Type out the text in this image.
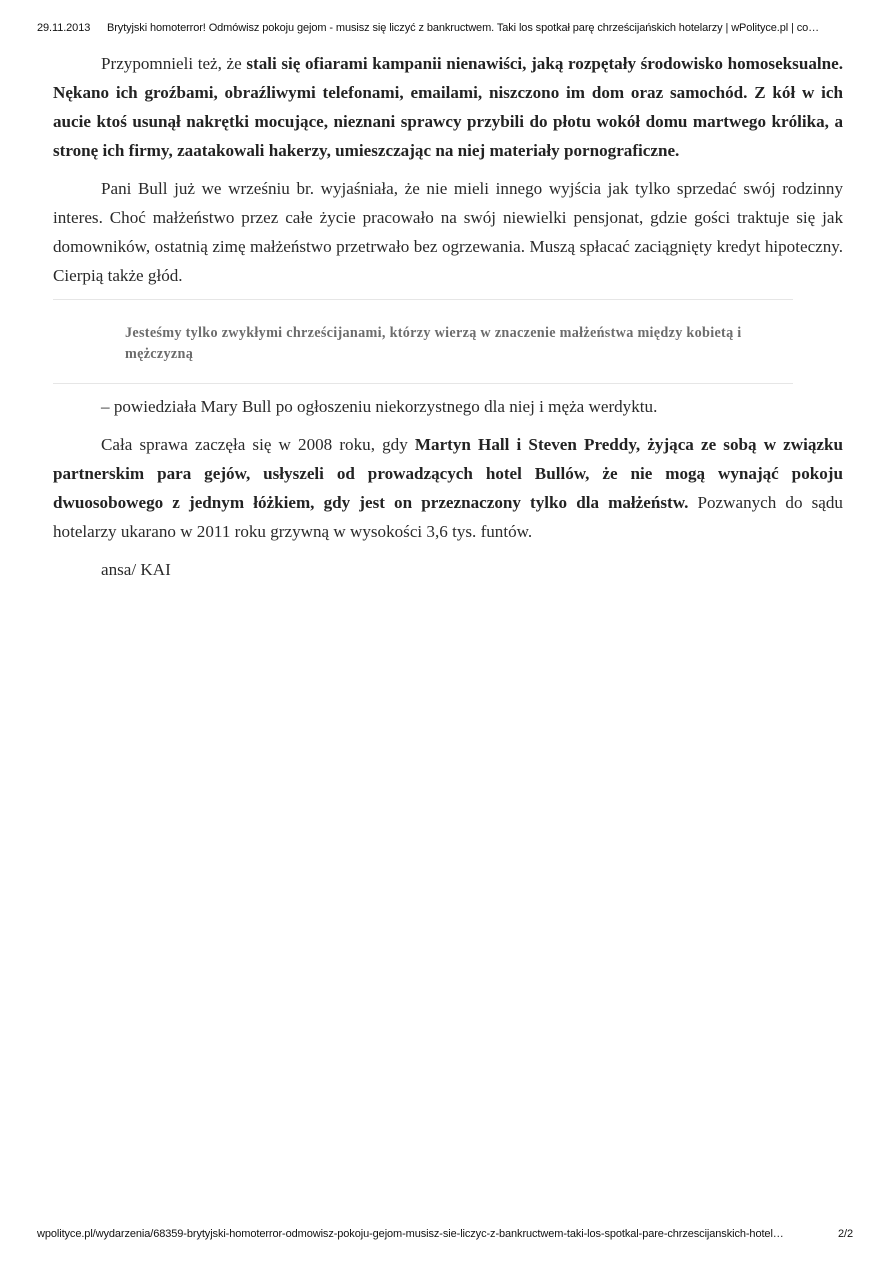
29.11.2013 Brytyjski homoterror! Odmówisz pokoju gejom - musisz się liczyć z bankructwem. Taki los spotkał parę chrześcijańskich hotelarzy | wPolityce.pl | co…

Przypomnieli też, że stali się ofiarami kampanii nienawiści, jaką rozpętały środowisko homoseksualne. Nękano ich groźbami, obraźliwymi telefonami, emailami, niszczono im dom oraz samochód. Z kół w ich aucie ktoś usunął nakrętki mocujące, nieznani sprawcy przybili do płotu wokół domu martwego królika, a stronę ich firmy, zaatakowali hakerzy, umieszczając na niej materiały pornograficzne.

Pani Bull już we wrześniu br. wyjaśniała, że nie mieli innego wyjścia jak tylko sprzedać swój rodzinny interes. Choć małżeństwo przez całe życie pracowało na swój niewielki pensjonat, gdzie gości traktuje się jak domowników, ostatnią zimę małżeństwo przetrwało bez ogrzewania. Muszą spłacać zaciągnięty kredyt hipoteczny. Cierpią także głód.

Jesteśmy tylko zwykłymi chrześcijanami, którzy wierzą w znaczenie małżeństwa między kobietą i mężczyzną

– powiedziała Mary Bull po ogłoszeniu niekorzystnego dla niej i męża werdyktu.

Cała sprawa zaczęła się w 2008 roku, gdy Martyn Hall i Steven Preddy, żyjąca ze sobą w związku partnerskim para gejów, usłyszeli od prowadzących hotel Bullów, że nie mogą wynająć pokoju dwuosobowego z jednym łóżkiem, gdy jest on przeznaczony tylko dla małżeństw. Pozwanych do sądu hotelarzy ukarano w 2011 roku grzywną w wysokości 3,6 tys. funtów.

ansa/ KAI

wpolityce.pl/wydarzenia/68359-brytyjski-homoterror-odmowisz-pokoju-gejom-musisz-sie-liczyc-z-bankructwem-taki-los-spotkal-pare-chrzescijanskich-hotel…	2/2
